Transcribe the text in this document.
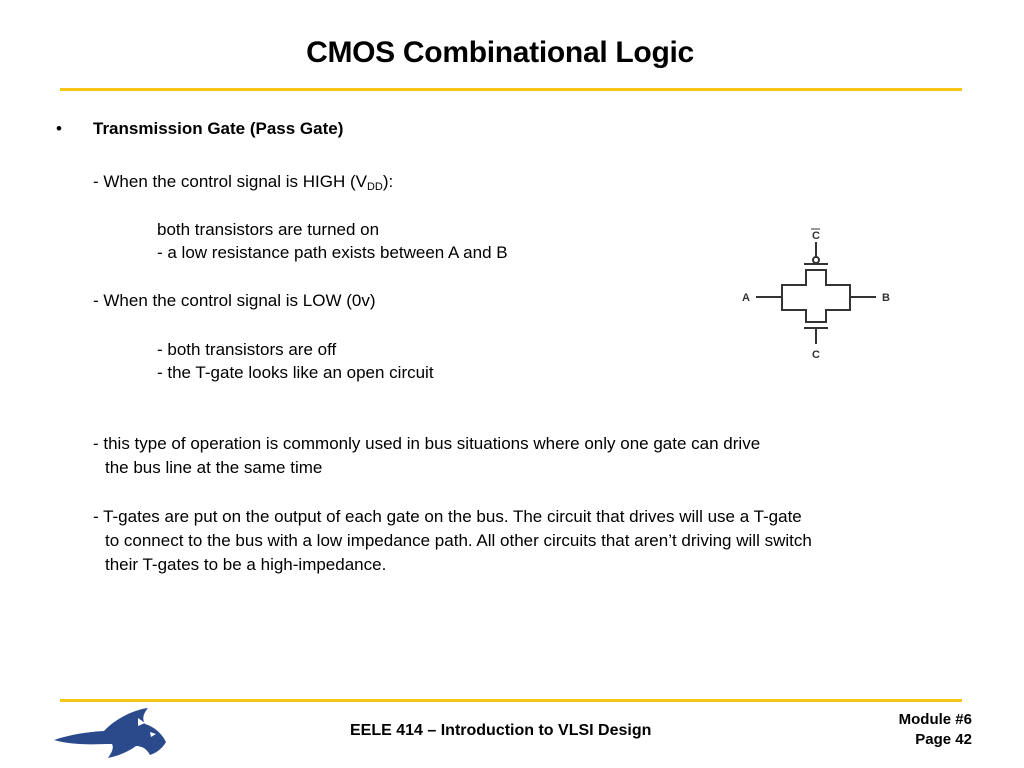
CMOS Combinational Logic
• Transmission Gate (Pass Gate)
- When the control signal is HIGH $(V_{DD})$:
both transistors are turned on
- a low resistance path exists between A and B
- When the control signal is LOW (0v)
- both transistors are off
- the T-gate looks like an open circuit
- this type of operation is commonly used in bus situations where only one gate can drive
the bus line at the same time
- T-gates are put on the output of each gate on the bus. The circuit that drives will use a T-gate
to connect to the bus with a low impedance path. All other circuits that aren’t driving will switch
their T-gates to be a high-impedance.
A	B
C
C
EELE 414 – Introduction to VLSI Design
Module #6
Page 42
